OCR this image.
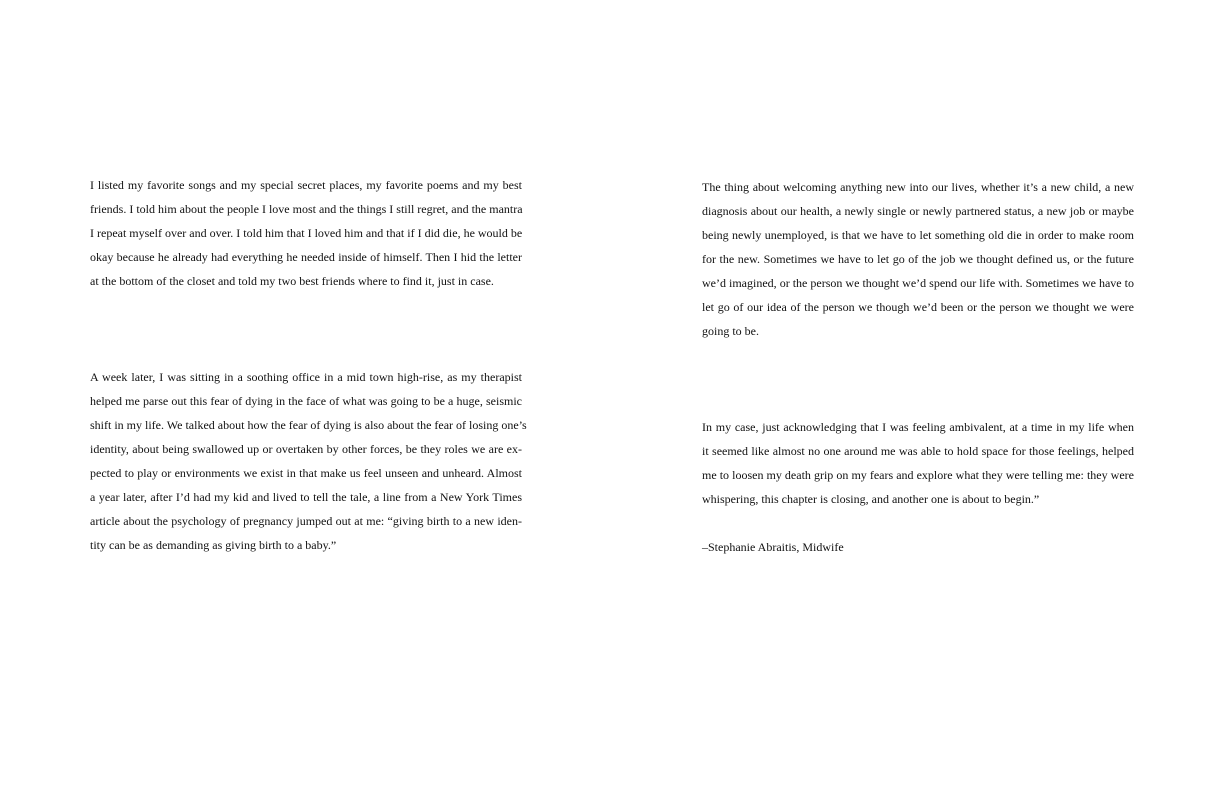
I listed my favorite songs and my special secret places, my favorite poems and my best
friends. I told him about the people I love most and the things I still regret, and the mantra
I repeat myself over and over. I told him that I loved him and that if I did die, he would be
okay because he already had everything he needed inside of himself. Then I hid the letter
at the bottom of the closet and told my two best friends where to find it, just in case.
A week later, I was sitting in a soothing office in a mid town high-rise, as my therapist
helped me parse out this fear of dying in the face of what was going to be a huge, seismic
shift in my life. We talked about how the fear of dying is also about the fear of losing one’s
identity, about being swallowed up or overtaken by other forces, be they roles we are ex-
pected to play or environments we exist in that make us feel unseen and unheard. Almost
a year later, after I’d had my kid and lived to tell the tale, a line from a New York Times
article about the psychology of pregnancy jumped out at me: “giving birth to a new iden-
tity can be as demanding as giving birth to a baby.”
The thing about welcoming anything new into our lives, whether it’s a new child, a new
diagnosis about our health, a newly single or newly partnered status, a new job or maybe
being newly unemployed, is that we have to let something old die in order to make room
for the new. Sometimes we have to let go of the job we thought defined us, or the future
we’d imagined, or the person we thought we’d spend our life with. Sometimes we have to
let go of our idea of the person we though we’d been or the person we thought we were
going to be.
In my case, just acknowledging that I was feeling ambivalent, at a time in my life when
it seemed like almost no one around me was able to hold space for those feelings, helped
me to loosen my death grip on my fears and explore what they were telling me: they were
whispering, this chapter is closing, and another one is about to begin.”
–Stephanie Abraitis, Midwife
